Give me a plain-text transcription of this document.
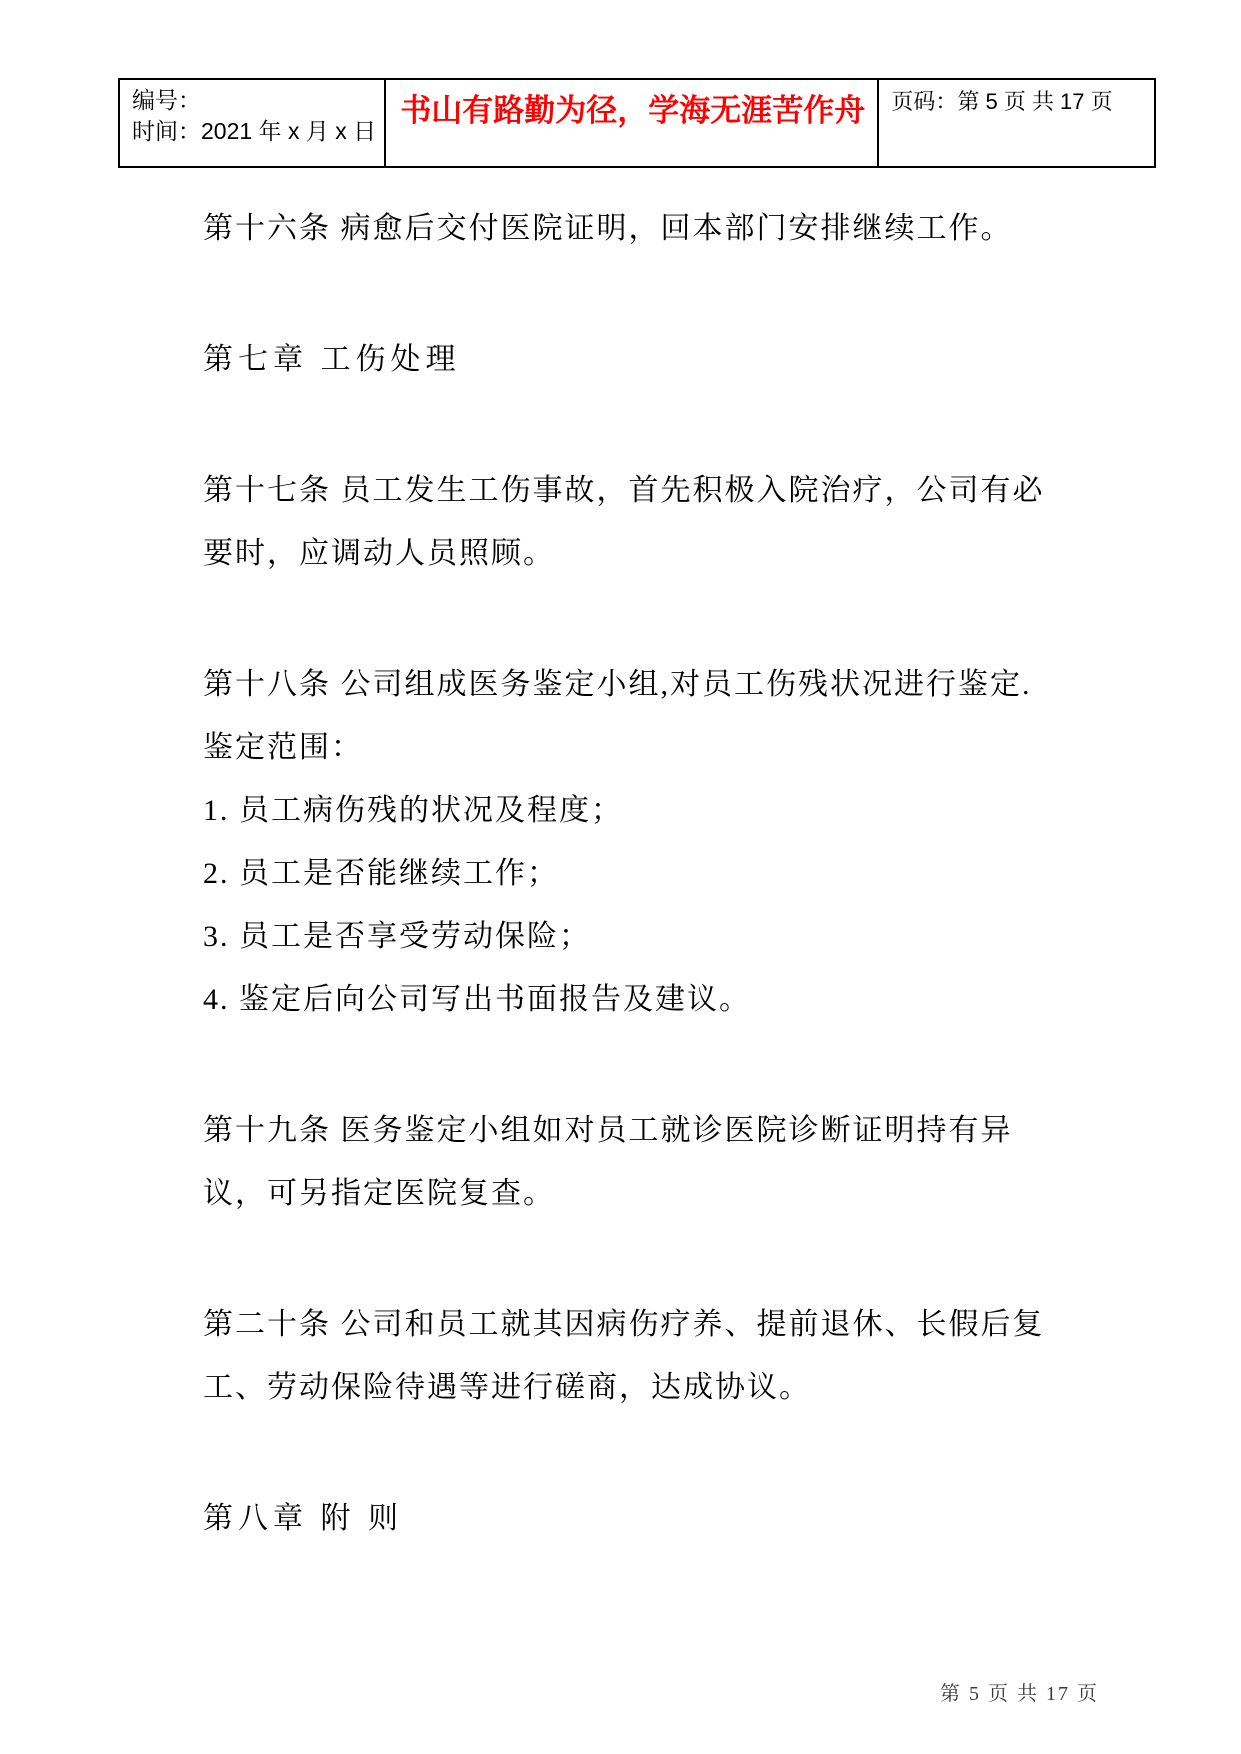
编号：
时间：2021 年 x 月 x 日

书山有路勤为径，学海无涯苦作舟	页码：第 5 页 共 17 页
第十六条 病愈后交付医院证明，回本部门安排继续工作。
第七章 工伤处理
第十七条 员工发生工伤事故，首先积极入院治疗，公司有必
要时，应调动人员照顾。
第十八条 公司组成医务鉴定小组,对员工伤残状况进行鉴定.
鉴定范围：
1. 员工病伤残的状况及程度；
2. 员工是否能继续工作；
3. 员工是否享受劳动保险；
4. 鉴定后向公司写出书面报告及建议。
第十九条 医务鉴定小组如对员工就诊医院诊断证明持有异
议，可另指定医院复查。
第二十条 公司和员工就其因病伤疗养、提前退休、长假后复
工、劳动保险待遇等进行磋商，达成协议。
第八章 附 则
第 5 页 共 17 页
